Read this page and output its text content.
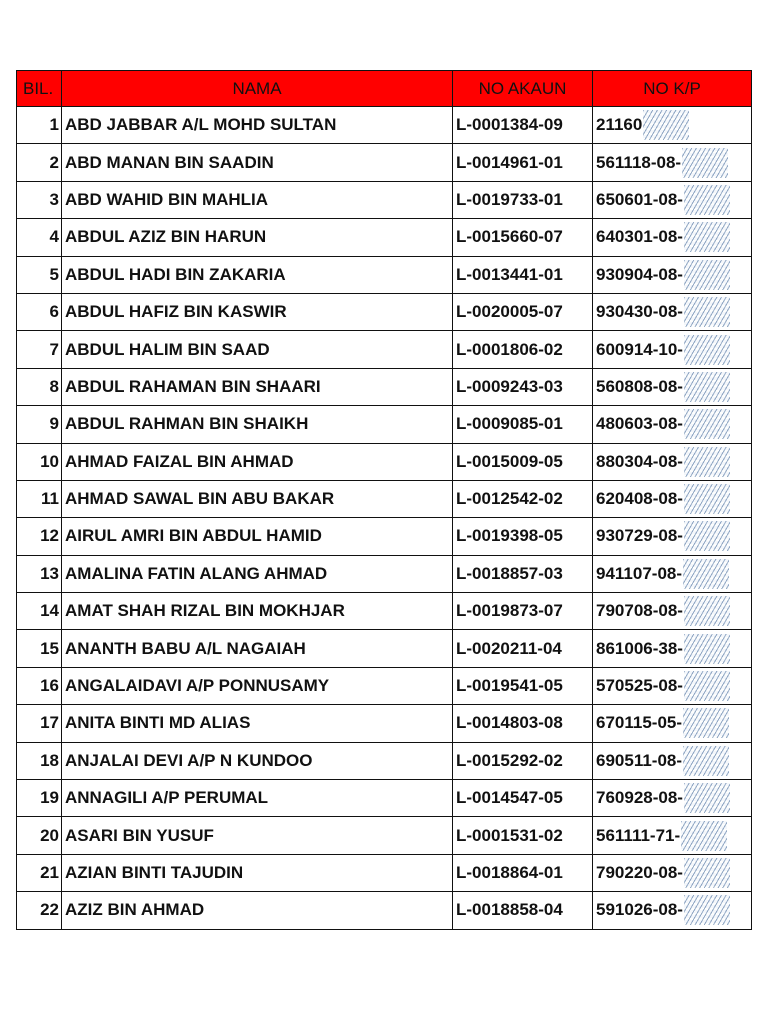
BIL.	NAMA	NO AKAUN	NO K/P
1	ABD JABBAR A/L MOHD SULTAN	L-0001384-09	21160
2	ABD MANAN BIN SAADIN	L-0014961-01	561118-08-
3	ABD WAHID BIN MAHLIA	L-0019733-01	650601-08-
4	ABDUL AZIZ BIN HARUN	L-0015660-07	640301-08-
5	ABDUL HADI BIN ZAKARIA	L-0013441-01	930904-08-
6	ABDUL HAFIZ BIN KASWIR	L-0020005-07	930430-08-
7	ABDUL HALIM BIN SAAD	L-0001806-02	600914-10-
8	ABDUL RAHAMAN BIN SHAARI	L-0009243-03	560808-08-
9	ABDUL RAHMAN BIN SHAIKH	L-0009085-01	480603-08-
10	AHMAD FAIZAL BIN AHMAD	L-0015009-05	880304-08-
11	AHMAD SAWAL BIN ABU BAKAR	L-0012542-02	620408-08-
12	AIRUL AMRI BIN ABDUL HAMID	L-0019398-05	930729-08-
13	AMALINA FATIN ALANG AHMAD	L-0018857-03	941107-08-
14	AMAT SHAH RIZAL BIN MOKHJAR	L-0019873-07	790708-08-
15	ANANTH BABU A/L NAGAIAH	L-0020211-04	861006-38-
16	ANGALAIDAVI A/P PONNUSAMY	L-0019541-05	570525-08-
17	ANITA BINTI MD ALIAS	L-0014803-08	670115-05-
18	ANJALAI DEVI A/P N KUNDOO	L-0015292-02	690511-08-
19	ANNAGILI A/P PERUMAL	L-0014547-05	760928-08-
20	ASARI BIN YUSUF	L-0001531-02	561111-71-
21	AZIAN BINTI TAJUDIN	L-0018864-01	790220-08-
22	AZIZ BIN AHMAD	L-0018858-04	591026-08-
